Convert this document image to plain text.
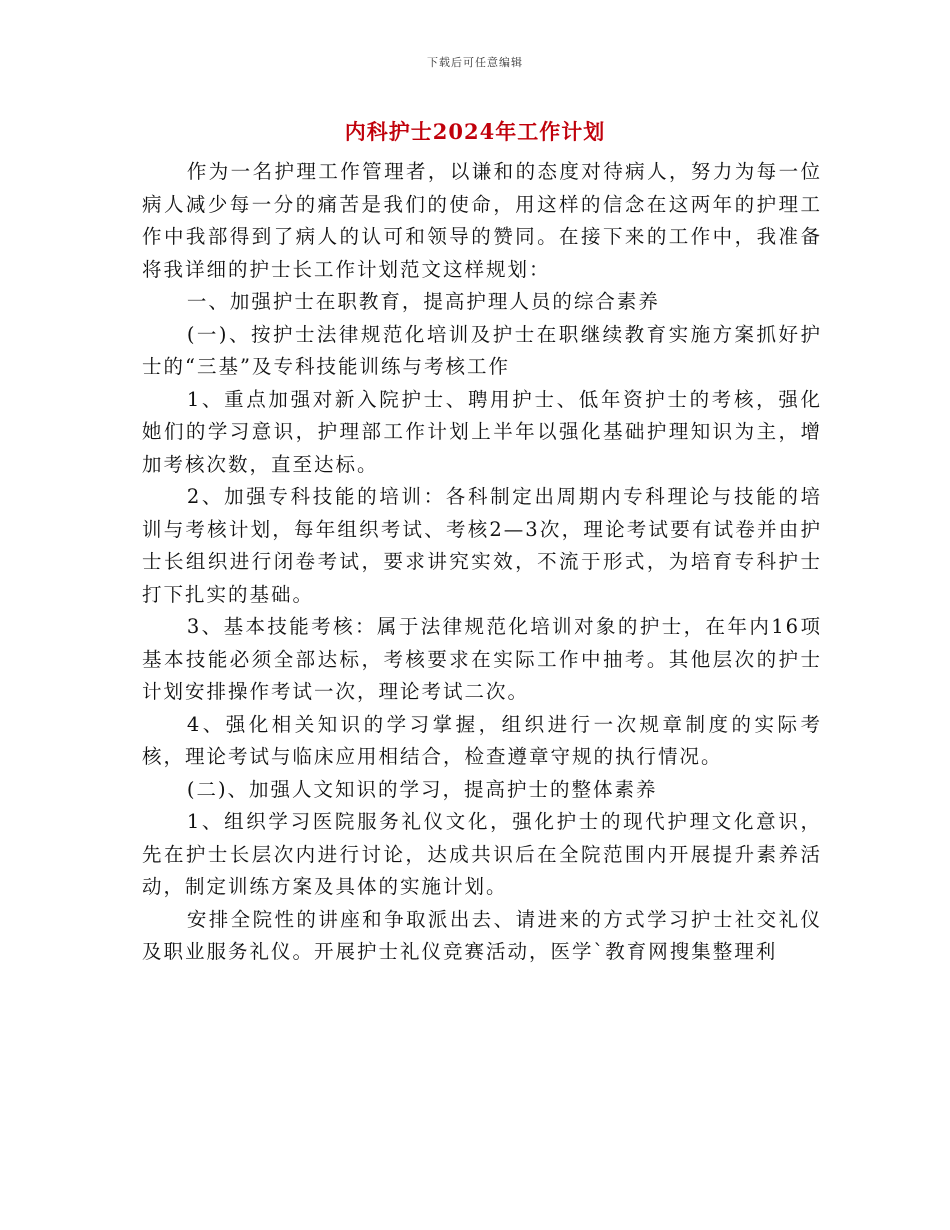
下载后可任意编辑
内科护士2024年工作计划

作为一名护理工作管理者，以谦和的态度对待病人，努力为每一位病人减少每一分的痛苦是我们的使命，用这样的信念在这两年的护理工作中我部得到了病人的认可和领导的赞同。在接下来的工作中，我准备将我详细的护士长工作计划范文这样规划：

一、加强护士在职教育，提高护理人员的综合素养

(一)、按护士法律规范化培训及护士在职继续教育实施方案抓好护士的“三基”及专科技能训练与考核工作

1、重点加强对新入院护士、聘用护士、低年资护士的考核，强化她们的学习意识，护理部工作计划上半年以强化基础护理知识为主，增加考核次数，直至达标。

2、加强专科技能的培训：各科制定出周期内专科理论与技能的培训与考核计划，每年组织考试、考核2—3次，理论考试要有试卷并由护士长组织进行闭卷考试，要求讲究实效，不流于形式，为培育专科护士打下扎实的基础。

3、基本技能考核：属于法律规范化培训对象的护士，在年内16项基本技能必须全部达标，考核要求在实际工作中抽考。其他层次的护士计划安排操作考试一次，理论考试二次。

4、强化相关知识的学习掌握，组织进行一次规章制度的实际考核，理论考试与临床应用相结合，检查遵章守规的执行情况。

(二)、加强人文知识的学习，提高护士的整体素养

1、组织学习医院服务礼仪文化，强化护士的现代护理文化意识，先在护士长层次内进行讨论，达成共识后在全院范围内开展提升素养活动，制定训练方案及具体的实施计划。

安排全院性的讲座和争取派出去、请进来的方式学习护士社交礼仪及职业服务礼仪。开展护士礼仪竞赛活动，医学`教育网搜集整理利
